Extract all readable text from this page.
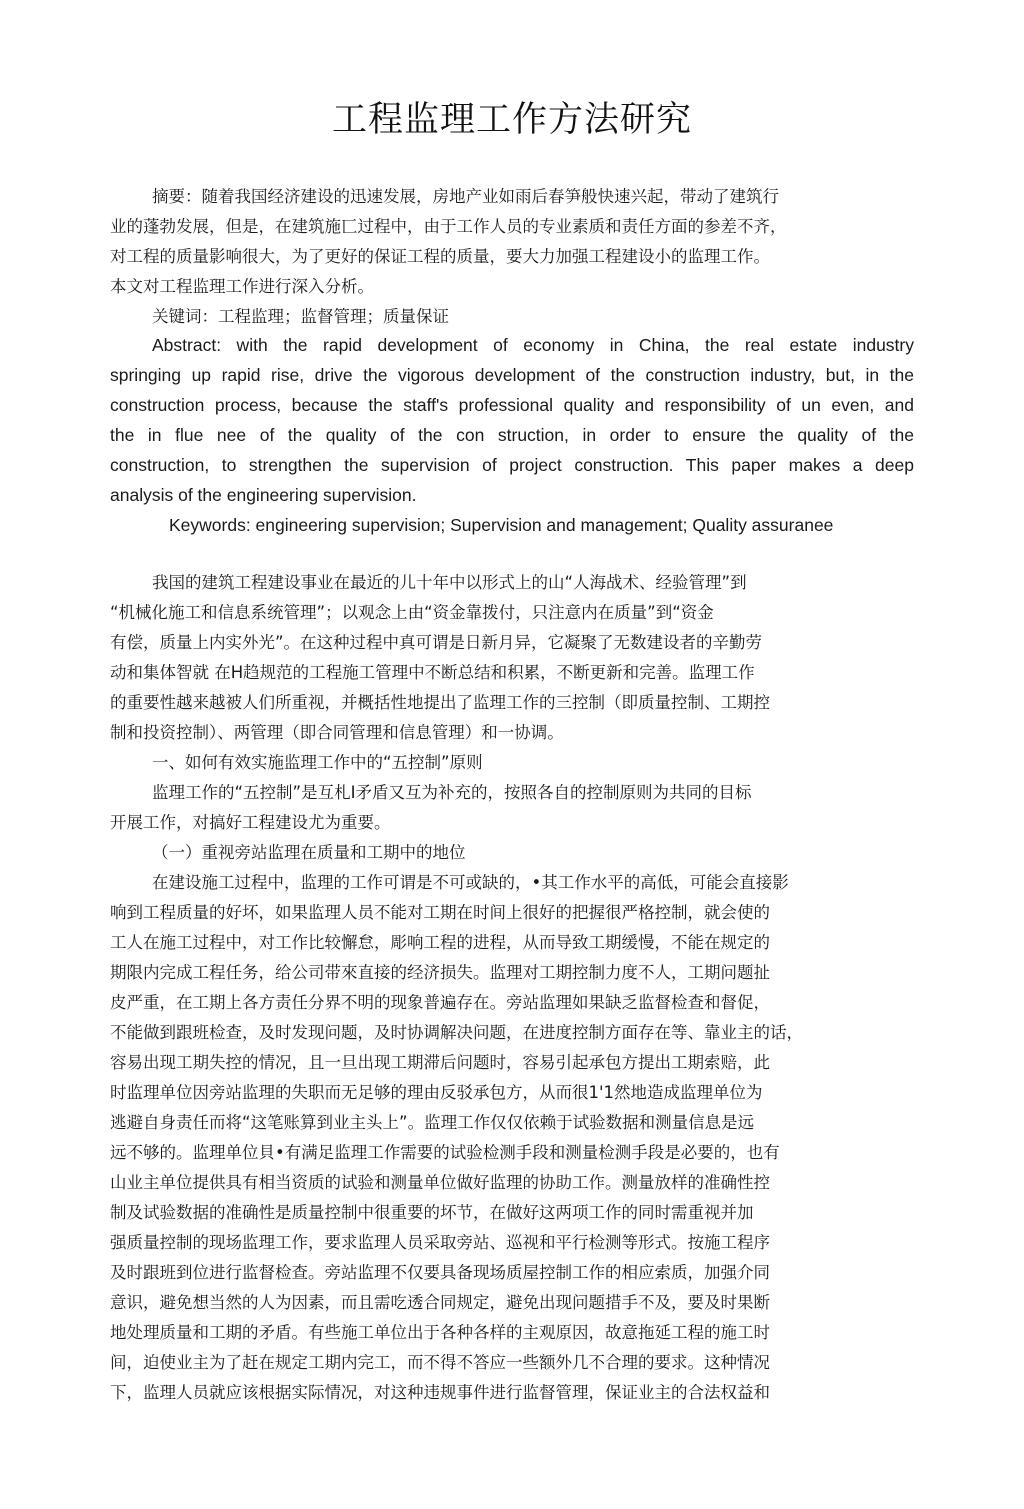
工程监理工作方法研究
摘要：随着我国经济建设的迅速发展，房地产业如雨后春笋般快速兴起，带动了建筑行
业的蓬勃发展，但是，在建筑施匸过程中，由于工作人员的专业素质和责任方面的参差不齐，
对工程的质量影响很大，为了更好的保证工程的质量，要大力加强工程建设小的监理工作。
本文对工程监理工作进行深入分析。
关键词：工程监理；监督管理；质量保证
Abstract: with the rapid development of economy in China, the real estate industry
springing up rapid rise, drive the vigorous development of the construction industry, but, in the
construction process, because the staff's professional quality and responsibility of un even, and
the in flue nee of the quality of the con struction, in order to ensure the quality of the
construction, to strengthen the supervision of project construction. This paper makes a deep
analysis of the engineering supervision.
Keywords: engineering supervision; Supervision and management; Quality assuranee
我国的建筑工程建设事业在最近的儿十年中以形式上的山“人海战术、经验管理”到
“机械化施工和信息系统管理”；以观念上由“资金靠拨付，只注意内在质量”到“资金
有偿，质量上内实外光”。在这种过程中真可谓是日新月异，它凝聚了无数建设者的辛勤劳
动和集体智就 在H趋规范的工程施工管理中不断总结和积累，不断更新和完善。监理工作
的重要性越来越被人们所重视，并概括性地提出了监理工作的三控制（即质量控制、工期控
制和投资控制）、两管理（即合同管理和信息管理）和一协调。
一、如何有效实施监理工作中的“五控制”原则
监理工作的“五控制”是互札I矛盾又互为补充的，按照各自的控制原则为共同的目标
开展工作，对搞好工程建设尤为重要。
（一）重视旁站监理在质量和工期中的地位
在建设施工过程中，监理的工作可谓是不可或缺的，•其工作水平的高低，可能会直接影
响到工程质量的好坏，如果监理人员不能对工期在时间上很好的把握很严格控制，就会使的
工人在施工过程中，对工作比较懈怠，彫响工程的进程，从而导致工期缓慢，不能在规定的
期限内完成工程任务，给公司带來直接的经济损失。监理对工期控制力度不人，工期问题扯
皮严重，在工期上各方责任分界不明的现象普遍存在。旁站监理如果缺乏监督检查和督促，
不能做到跟班检查，及时发现问题，及时协调解决问题，在进度控制方面存在等、靠业主的话，
容易出现工期失控的情况，且一旦出现工期滞后问题时，容易引起承包方提出工期索赔，此
时监理单位因旁站监理的失职而无足够的理由反驳承包方，从而很1'1然地造成监理单位为
逃避自身责任而将“这笔账算到业主头上”。监理工作仅仅依赖于试验数据和测量信息是远
远不够的。监理单位貝•有满足监理工作需要的试验检测手段和测量检测手段是必要的，也有
山业主单位提供具有相当资质的试验和测量单位做好监理的协助工作。测量放样的准确性控
制及试验数据的准确性是质量控制中很重要的坏节，在做好这两项工作的同时需重视并加
强质量控制的现场监理工作，要求监理人员采取旁站、巡视和平行检测等形式。按施工程序
及时跟班到位进行监督检查。旁站监理不仅要具备现场质屋控制工作的相应索质，加强介同
意识，避免想当然的人为因素，而且需吃透合同规定，避免出现问题措手不及，要及时果断
地处理质量和工期的矛盾。有些施工单位出于各种各样的主观原因，故意拖延工程的施工时
间，迫使业主为了赶在规定工期内完工，而不得不答应一些额外几不合理的要求。这种情况
下，监理人员就应该根据实际情况，对这种违规事件进行监督管理，保证业主的合法权益和
